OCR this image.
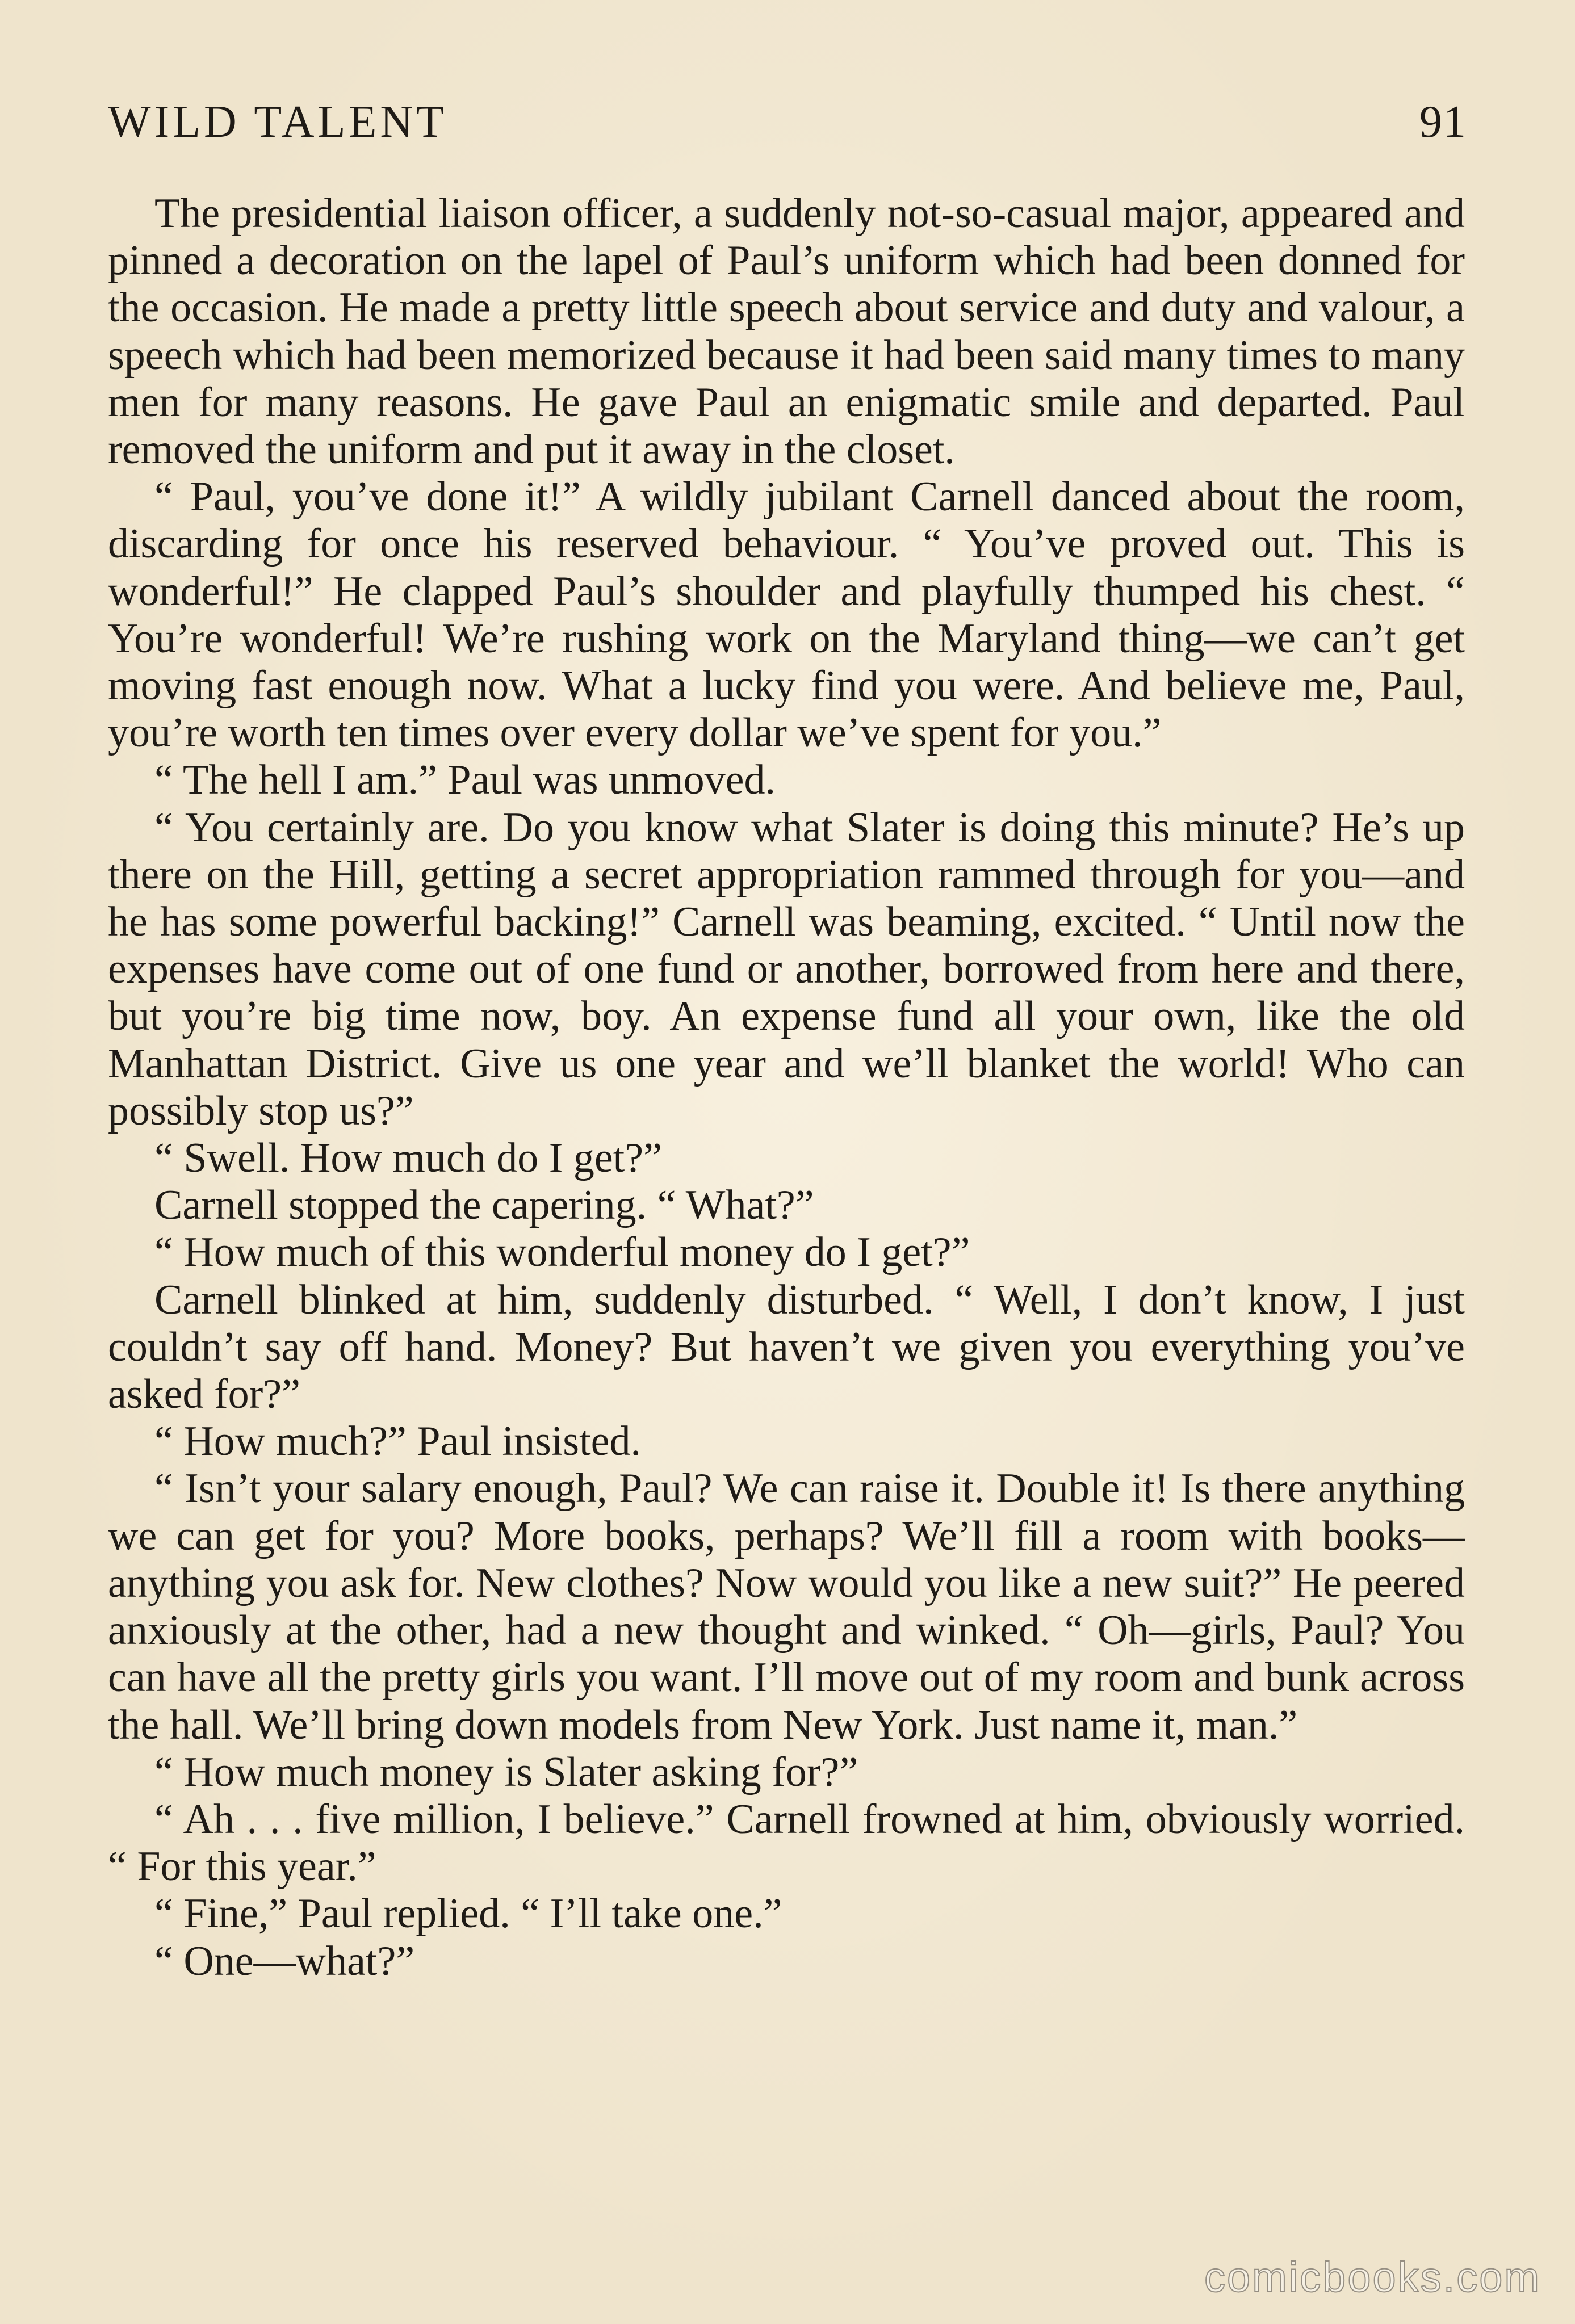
WILD TALENT	91

The presidential liaison officer, a suddenly not-so-casual major, appeared and pinned a decoration on the lapel of Paul’s uniform which had been donned for the occasion. He made a pretty little speech about service and duty and valour, a speech which had been memorized because it had been said many times to many men for many reasons. He gave Paul an enigmatic smile and departed. Paul removed the uniform and put it away in the closet.

“ Paul, you’ve done it!” A wildly jubilant Carnell danced about the room, discarding for once his reserved behaviour. “ You’ve proved out. This is wonderful!” He clapped Paul’s shoulder and playfully thumped his chest. “ You’re wonderful! We’re rushing work on the Maryland thing—we can’t get moving fast enough now. What a lucky find you were. And believe me, Paul, you’re worth ten times over every dollar we’ve spent for you.”

“ The hell I am.” Paul was unmoved.

“ You certainly are. Do you know what Slater is doing this minute? He’s up there on the Hill, getting a secret appropriation rammed through for you—and he has some powerful backing!” Carnell was beaming, excited. “ Until now the expenses have come out of one fund or another, borrowed from here and there, but you’re big time now, boy. An expense fund all your own, like the old Manhattan District. Give us one year and we’ll blanket the world! Who can possibly stop us?”

“ Swell. How much do I get?”

Carnell stopped the capering. “ What?”

“ How much of this wonderful money do I get?”

Carnell blinked at him, suddenly disturbed. “ Well, I don’t know, I just couldn’t say off hand. Money? But haven’t we given you everything you’ve asked for?”

“ How much?” Paul insisted.

“ Isn’t your salary enough, Paul? We can raise it. Double it! Is there anything we can get for you? More books, perhaps? We’ll fill a room with books—anything you ask for. New clothes? Now would you like a new suit?” He peered anxiously at the other, had a new thought and winked. “ Oh—girls, Paul? You can have all the pretty girls you want. I’ll move out of my room and bunk across the hall. We’ll bring down models from New York. Just name it, man.”

“ How much money is Slater asking for?”

“ Ah . . . five million, I believe.” Carnell frowned at him, obviously worried. “ For this year.”

“ Fine,” Paul replied. “ I’ll take one.”

“ One—what?”

comicbooks.com
